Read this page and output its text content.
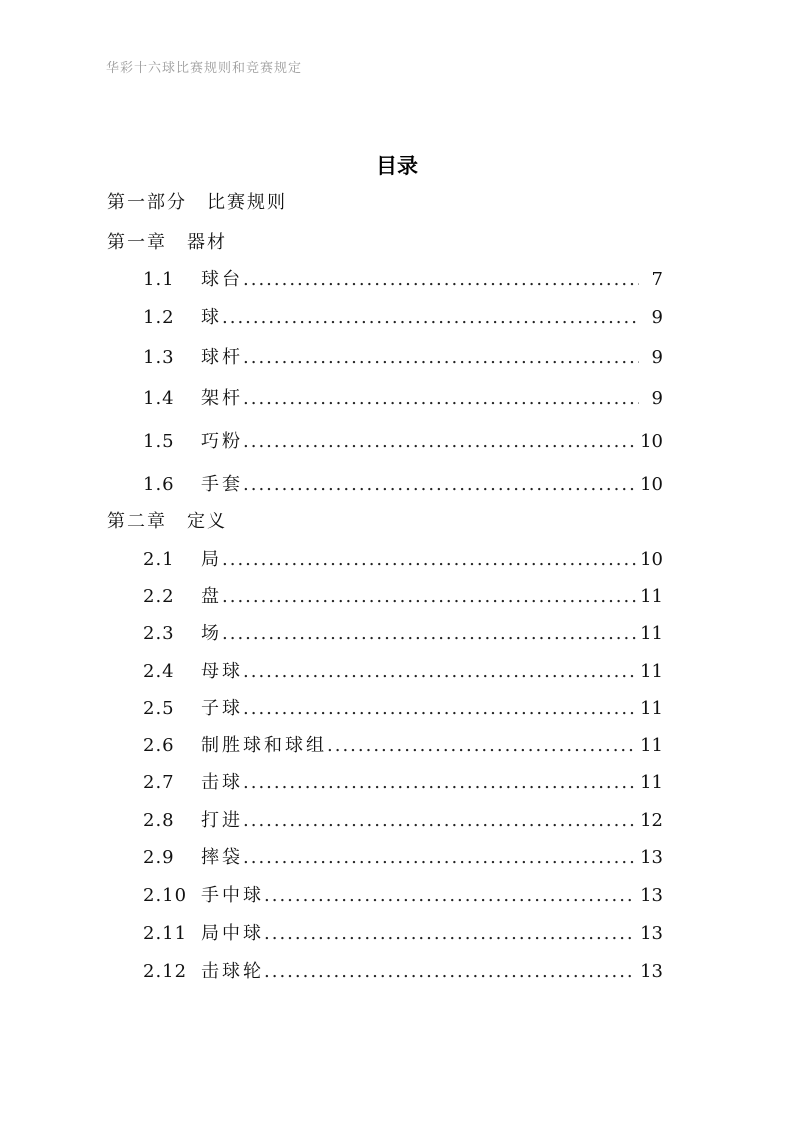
华彩十六球比赛规则和竞赛规定
目录
第一部分　比赛规则
第一章　器材
1.1	球台 .....	7
1.2	球 .....	9
1.3	球杆 .....	9
1.4	架杆 .....	9
1.5	巧粉 .....	10
1.6	手套 .....	10
第二章　定义
2.1	局 .....	10
2.2	盘 .....	11
2.3	场 .....	11
2.4	母球 .....	11
2.5	子球 .....	11
2.6	制胜球和球组 .....	11
2.7	击球 .....	11
2.8	打进 .....	12
2.9	摔袋 .....	13
2.10 手中球 .....	13
2.11 局中球 .....	13
2.12 击球轮 .....	13
